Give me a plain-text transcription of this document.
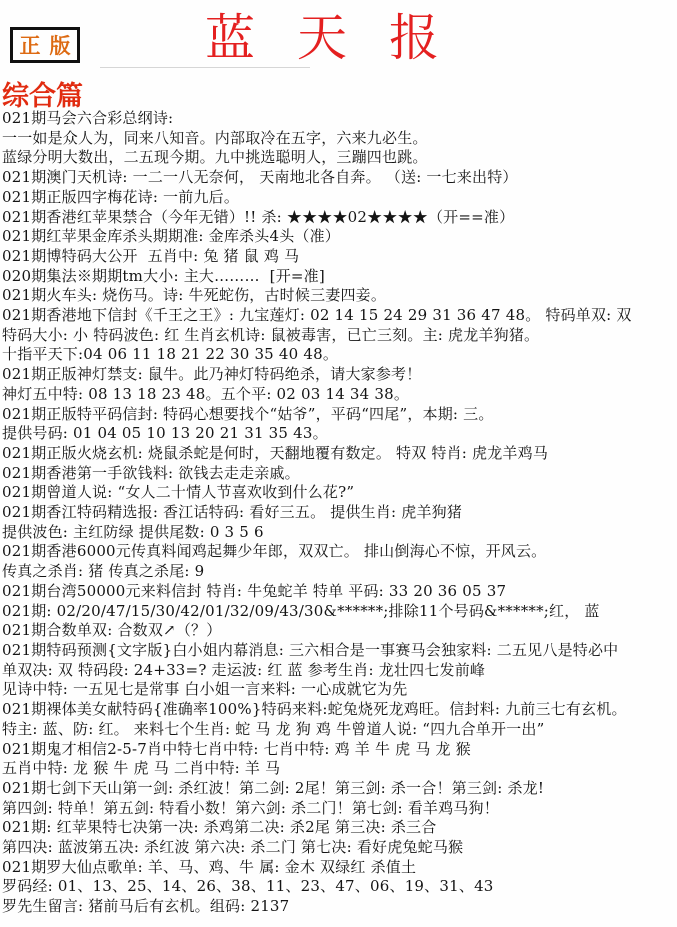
正版	蓝天报
综合篇
021期马会六合彩总纲诗:
一一如是众人为，同来八知音。内部取冷在五字，六来九必生。
蓝绿分明大数出，二五现今期。九中挑选聪明人，三蹦四也跳。
021期澳门天机诗: 一二一八无奈何， 天南地北各自奔。 （送: 一七来出特）
021期正版四字梅花诗: 一前九后。
021期香港红苹果禁合（今年无错）!! 杀: ★★★★02★★★★（开==准）
021期红苹果金库杀头期期准: 金库杀头4头（准）
021期博特码大公开  五肖中: 兔 猪 鼠 鸡 马
020期集法※期期tm大小: 主大………  [开=准]
021期火车头: 烧伤马。诗: 牛死蛇伤，古时候三妻四妾。
021期香港地下信封《千王之王》: 九宝莲灯: 02 14 15 24 29 31 36 47 48。 特码单双: 双
特码大小: 小 特码波色: 红 生肖玄机诗: 鼠被毒害，已亡三刻。主: 虎龙羊狗猪。
十指平天下:04 06 11 18 21 22 30 35 40 48。
021期正版神灯禁支: 鼠牛。此乃神灯特码绝杀，请大家参考！
神灯五中特: 08 13 18 23 48。五个平: 02 03 14 34 38。
021期正版特平码信封: 特码心想要找个“姑爷”，平码“四尾”，本期: 三。
提供号码: 01 04 05 10 13 20 21 31 35 43。
021期正版火烧玄机: 烧鼠杀蛇是何时，天翻地覆有数定。 特双 特肖: 虎龙羊鸡马
021期香港第一手欲钱料: 欲钱去走走亲戚。
021期曾道人说: “女人二十情人节喜欢收到什么花?”
021期香江特码精选报: 香江话特码: 看好三五。 提供生肖: 虎羊狗猪
提供波色: 主红防绿 提供尾数: 0 3 5 6
021期香港6000元传真料闻鸡起舞少年郎，双双亡。 排山倒海心不惊，开风云。
传真之杀肖: 猪 传真之杀尾: 9
021期台湾50000元来料信封 特肖: 牛兔蛇羊 特单 平码: 33 20 36 05 37
021期: 02/20/47/15/30/42/01/32/09/43/30&******;排除11个号码&******;红， 蓝
021期合数单双: 合数双↗（？）
021期特码预测{文字版}白小姐内幕消息: 三六相合是一事赛马会独家料: 二五见八是特必中
单双决: 双 特码段: 24+33=? 走运波: 红 蓝 参考生肖: 龙壮四七发前峰
见诗中特: 一五见七是常事 白小姐一言来料: 一心成就它为先
021期裸体美女献特码{准确率100%}特码来料:蛇兔烧死龙鸡旺。信封料: 九前三七有玄机。
特主: 蓝、防: 红。 来料七个生肖: 蛇 马 龙 狗 鸡 牛曾道人说: “四九合单开一出”
021期鬼才相信2-5-7肖中特七肖中特: 七肖中特: 鸡 羊 牛 虎 马 龙 猴
五肖中特: 龙 猴 牛 虎 马 二肖中特: 羊 马
021期七剑下天山第一剑: 杀红波！第二剑: 2尾！第三剑: 杀一合！第三剑: 杀龙!
第四剑: 特单！第五剑: 特看小数！第六剑: 杀二门！第七剑: 看羊鸡马狗！
021期: 红苹果特七决第一决: 杀鸡第二决: 杀2尾 第三决: 杀三合
第四决: 蓝波第五决: 杀红波 第六决: 杀二门 第七决: 看好虎兔蛇马猴
021期罗大仙点歌单: 羊、马、鸡、牛 属: 金木 双绿红 杀值土
罗码经: 01、13、25、14、26、38、11、23、47、06、19、31、43
罗先生留言: 猪前马后有玄机。组码: 2137
